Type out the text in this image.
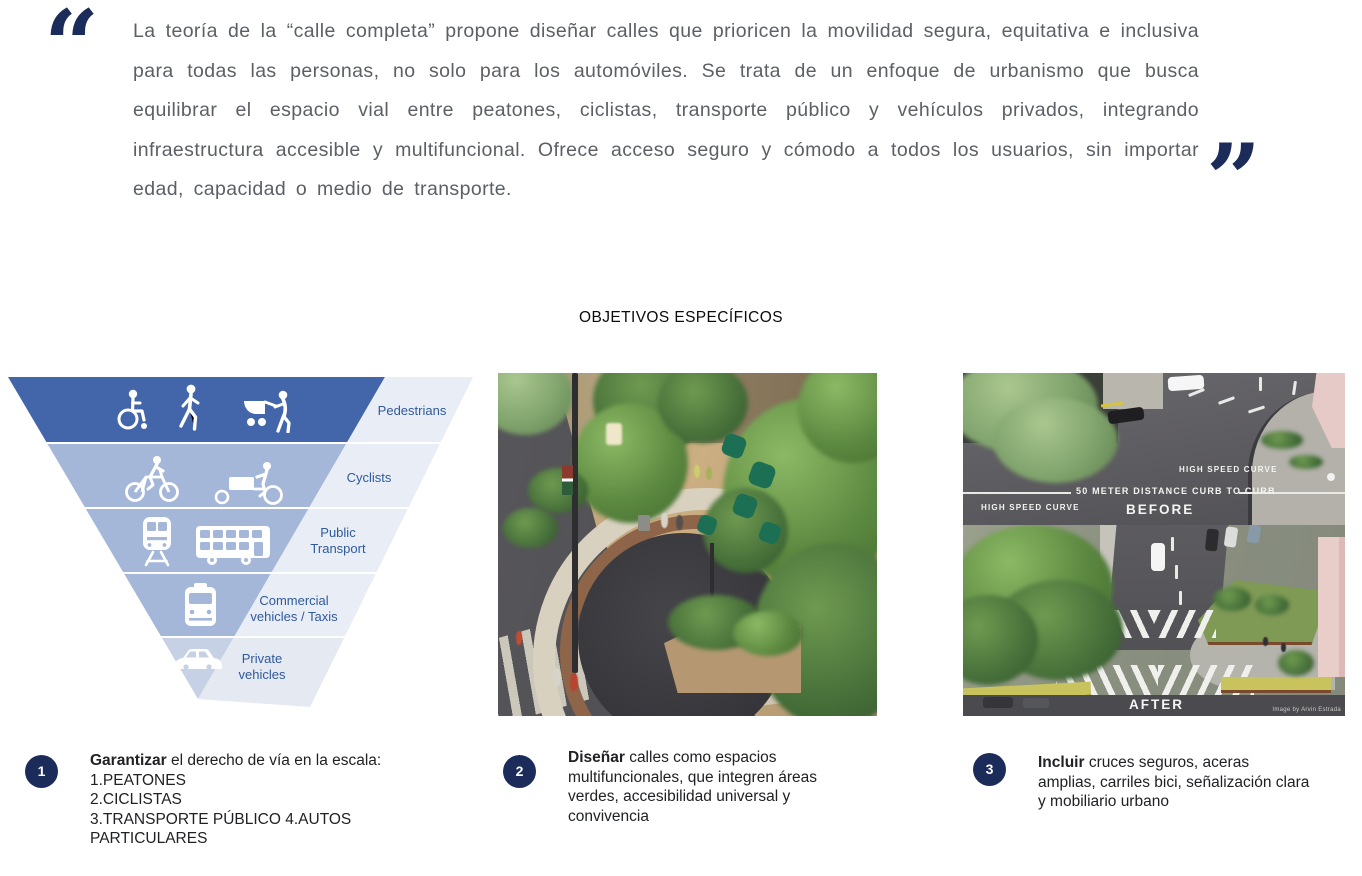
“ La teoría de la “calle completa” propone diseñar calles que prioricen la movilidad segura, equitativa e inclusiva para todas las personas, no solo para los automóviles. Se trata de un enfoque de urbanismo que busca equilibrar el espacio vial entre peatones, ciclistas, transporte público y vehículos privados, integrando infraestructura accesible y multifuncional. Ofrece acceso seguro y cómodo a todos los usuarios, sin importar edad, capacidad o medio de transporte.	”
OBJETIVOS ESPECÍFICOS
Pedestrians
Cyclists
Public Transport
Commercial vehicles / Taxis
Private vehicles
HIGH SPEED CURVE
50 METER DISTANCE CURB TO CURB
HIGH SPEED CURVE	BEFORE
AFTER	Image by Arvin Estrada
1
Garantizar el derecho de vía en la escala:
1.PEATONES
2.CICLISTAS
3.TRANSPORTE PÚBLICO 4.AUTOS PARTICULARES
2
Diseñar calles como espacios multifuncionales, que integren áreas verdes, accesibilidad universal y convivencia
3	Incluir cruces seguros, aceras amplias, carriles bici, señalización clara y mobiliario urbano
